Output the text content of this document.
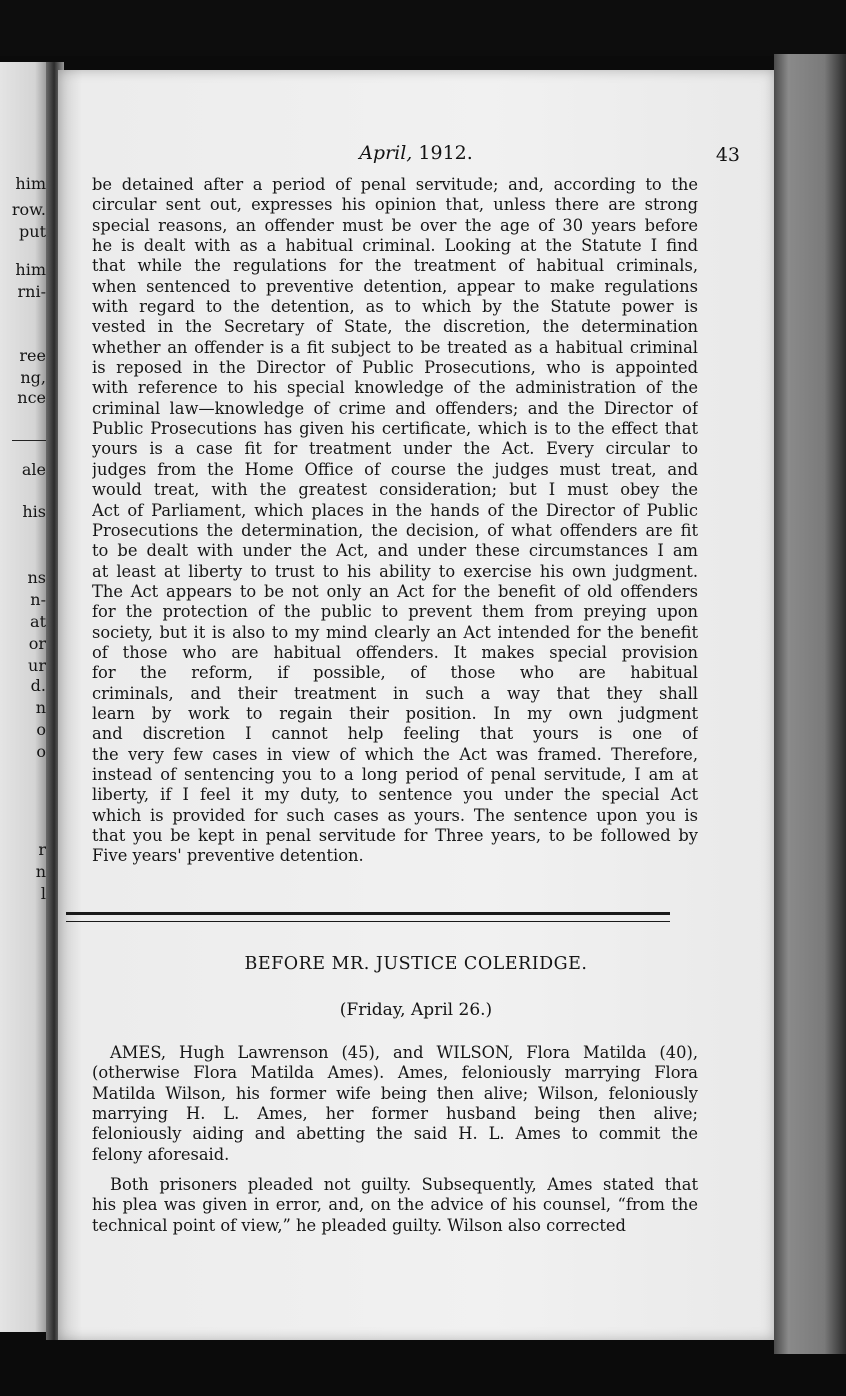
him
row.
put
him
rni-
ree
ng,
nce
ale
his
ns
n-
at
or
ur
d.
n
o
o
r
n
l
April, 1912.	43
be detained after a period of penal servitude; and, according to the
circular sent out, expresses his opinion that, unless there are strong
special reasons, an offender must be over the age of 30 years before
he is dealt with as a habitual criminal. Looking at the Statute I find
that while the regulations for the treatment of habitual criminals,
when sentenced to preventive detention, appear to make regulations
with regard to the detention, as to which by the Statute power is
vested in the Secretary of State, the discretion, the determination
whether an offender is a fit subject to be treated as a habitual criminal
is reposed in the Director of Public Prosecutions, who is appointed
with reference to his special knowledge of the administration of the
criminal law—knowledge of crime and offenders; and the Director of
Public Prosecutions has given his certificate, which is to the effect that
yours is a case fit for treatment under the Act. Every circular to
judges from the Home Office of course the judges must treat, and
would treat, with the greatest consideration; but I must obey the
Act of Parliament, which places in the hands of the Director of Public
Prosecutions the determination, the decision, of what offenders are fit
to be dealt with under the Act, and under these circumstances I am
at least at liberty to trust to his ability to exercise his own judgment.
The Act appears to be not only an Act for the benefit of old offenders
for the protection of the public to prevent them from preying upon
society, but it is also to my mind clearly an Act intended for the benefit
of those who are habitual offenders. It makes special provision
for the reform, if possible, of those who are habitual
criminals, and their treatment in such a way that they shall
learn by work to regain their position. In my own judgment
and discretion I cannot help feeling that yours is one of
the very few cases in view of which the Act was framed. Therefore,
instead of sentencing you to a long period of penal servitude, I am at
liberty, if I feel it my duty, to sentence you under the special Act
which is provided for such cases as yours. The sentence upon you is
that you be kept in penal servitude for Three years, to be followed by
Five years' preventive detention.
BEFORE MR. JUSTICE COLERIDGE.
(Friday, April 26.)
AMES, Hugh Lawrenson (45), and WILSON, Flora Matilda (40),
(otherwise Flora Matilda Ames). Ames, feloniously marrying Flora
Matilda Wilson, his former wife being then alive; Wilson, feloniously
marrying H. L. Ames, her former husband being then alive;
feloniously aiding and abetting the said H. L. Ames to commit the
felony aforesaid.
Both prisoners pleaded not guilty. Subsequently, Ames stated that
his plea was given in error, and, on the advice of his counsel, “from the
technical point of view,” he pleaded guilty. Wilson also corrected
